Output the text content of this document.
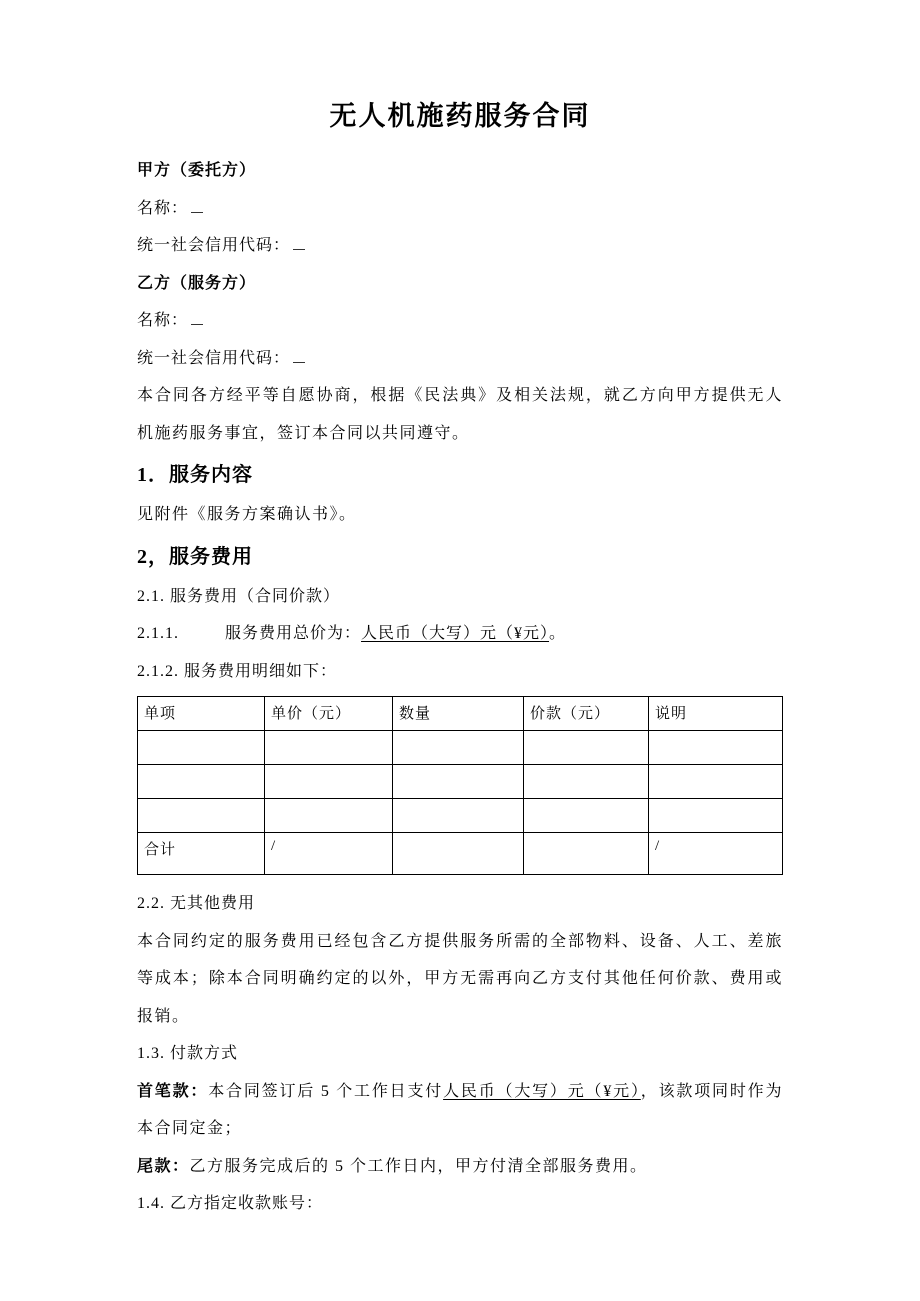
无人机施药服务合同
甲方（委托方）
名称：
统一社会信用代码：
乙方（服务方）
名称：
统一社会信用代码：

本合同各方经平等自愿协商，根据《民法典》及相关法规，就乙方向甲方提供无人机施药服务事宜，签订本合同以共同遵守。

1．服务内容

见附件《服务方案确认书》。

2，服务费用
2.1. 服务费用（合同价款）
2.1.1.	服务费用总价为：人民币（大写）元（¥元）。
2.1.2. 服务费用明细如下：
单项	单价（元）	数量	价款（元）	说明

合计	/			/
2.2. 无其他费用

本合同约定的服务费用已经包含乙方提供服务所需的全部物料、设备、人工、差旅等成本；除本合同明确约定的以外，甲方无需再向乙方支付其他任何价款、费用或报销。

1.3. 付款方式

首笔款：本合同签订后 5 个工作日支付人民币（大写）元（¥元），该款项同时作为本合同定金；

尾款：乙方服务完成后的 5 个工作日内，甲方付清全部服务费用。

1.4. 乙方指定收款账号：
